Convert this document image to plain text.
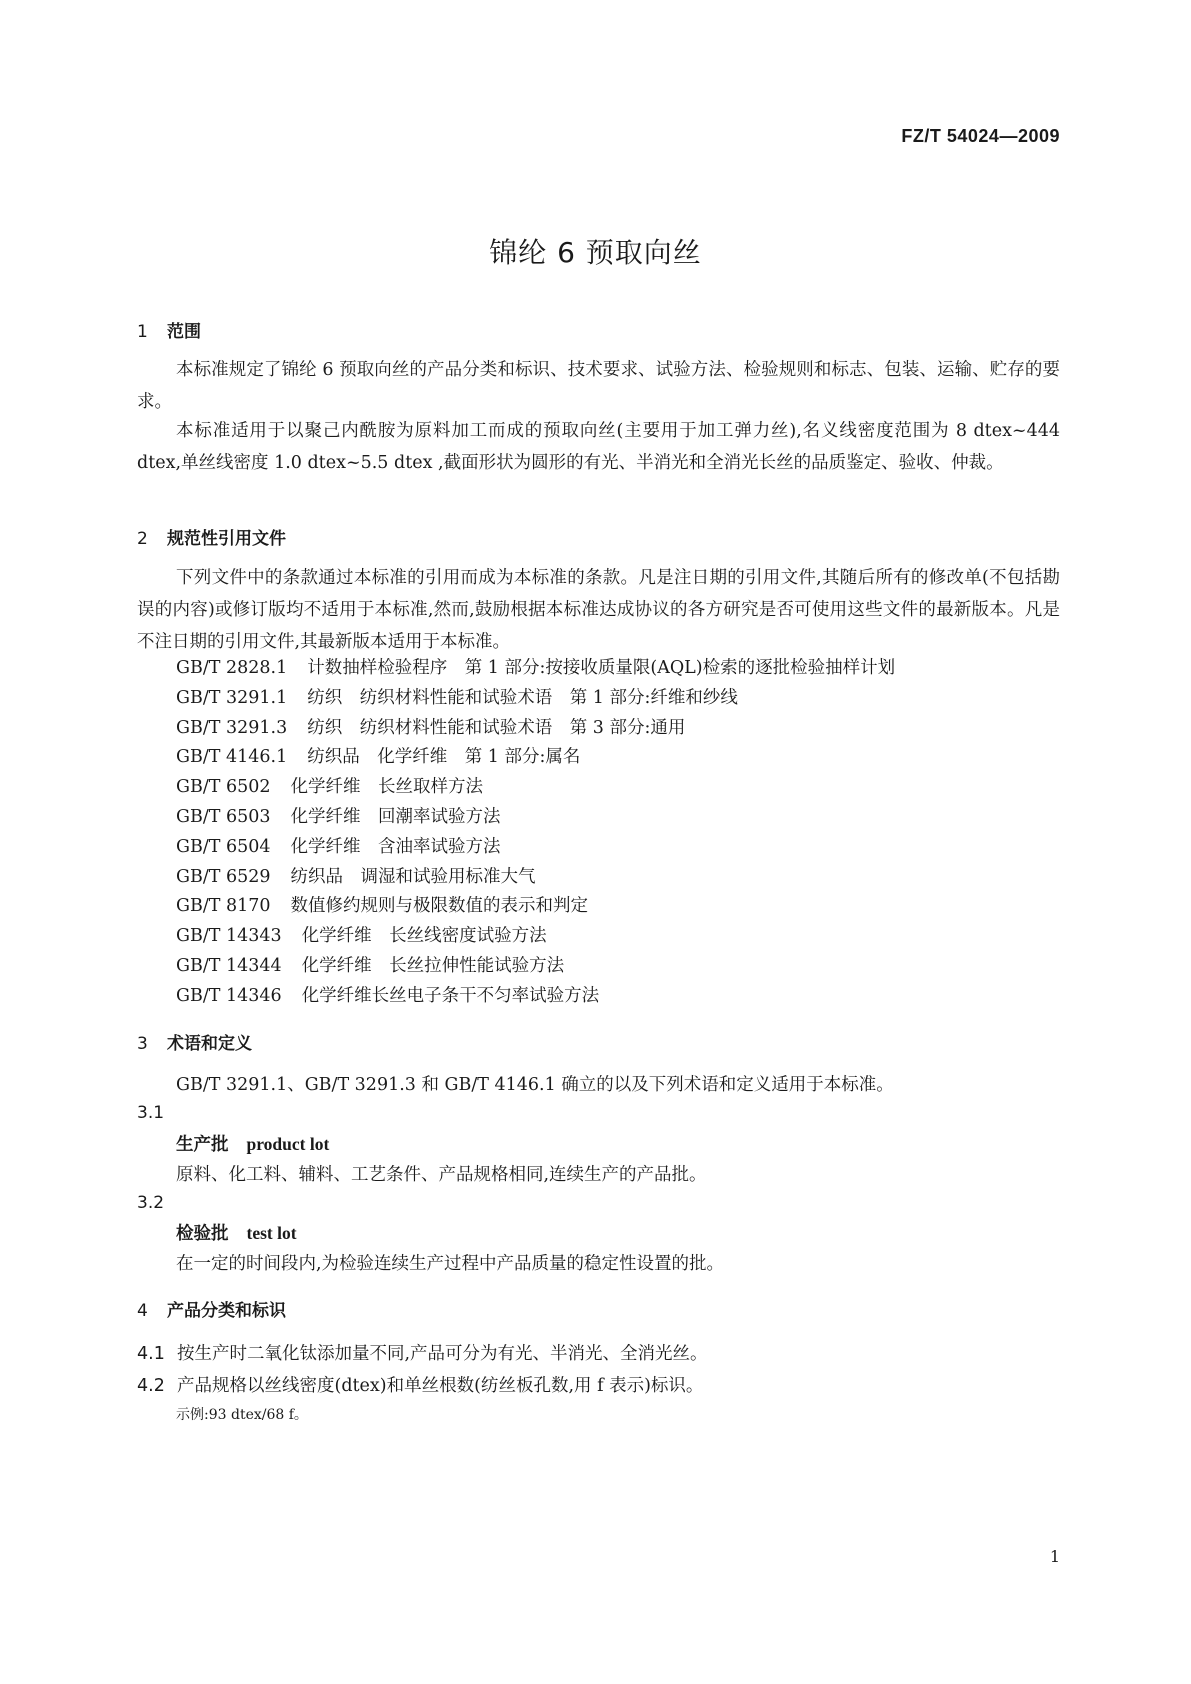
FZ/T 54024—2009
锦纶 6 预取向丝
1 范围
本标准规定了锦纶 6 预取向丝的产品分类和标识、技术要求、试验方法、检验规则和标志、包装、运输、贮存的要求。
本标准适用于以聚己内酰胺为原料加工而成的预取向丝(主要用于加工弹力丝),名义线密度范围为 8 dtex~444 dtex,单丝线密度 1.0 dtex~5.5 dtex ,截面形状为圆形的有光、半消光和全消光长丝的品质鉴定、验收、仲裁。
2 规范性引用文件
下列文件中的条款通过本标准的引用而成为本标准的条款。凡是注日期的引用文件,其随后所有的修改单(不包括勘误的内容)或修订版均不适用于本标准,然而,鼓励根据本标准达成协议的各方研究是否可使用这些文件的最新版本。凡是不注日期的引用文件,其最新版本适用于本标准。
GB/T 2828.1 计数抽样检验程序　第 1 部分:按接收质量限(AQL)检索的逐批检验抽样计划
GB/T 3291.1 纺织　纺织材料性能和试验术语　第 1 部分:纤维和纱线
GB/T 3291.3 纺织　纺织材料性能和试验术语　第 3 部分:通用
GB/T 4146.1 纺织品　化学纤维　第 1 部分:属名
GB/T 6502 化学纤维　长丝取样方法
GB/T 6503 化学纤维　回潮率试验方法
GB/T 6504 化学纤维　含油率试验方法
GB/T 6529 纺织品　调湿和试验用标准大气
GB/T 8170 数值修约规则与极限数值的表示和判定
GB/T 14343 化学纤维　长丝线密度试验方法
GB/T 14344 化学纤维　长丝拉伸性能试验方法
GB/T 14346 化学纤维长丝电子条干不匀率试验方法
3 术语和定义
GB/T 3291.1、GB/T 3291.3 和 GB/T 4146.1 确立的以及下列术语和定义适用于本标准。
3.1
生产批 product lot
原料、化工料、辅料、工艺条件、产品规格相同,连续生产的产品批。
3.2
检验批 test lot
在一定的时间段内,为检验连续生产过程中产品质量的稳定性设置的批。
4 产品分类和标识
4.1 按生产时二氧化钛添加量不同,产品可分为有光、半消光、全消光丝。
4.2 产品规格以丝线密度(dtex)和单丝根数(纺丝板孔数,用 f 表示)标识。
示例:93 dtex/68 f。
1
